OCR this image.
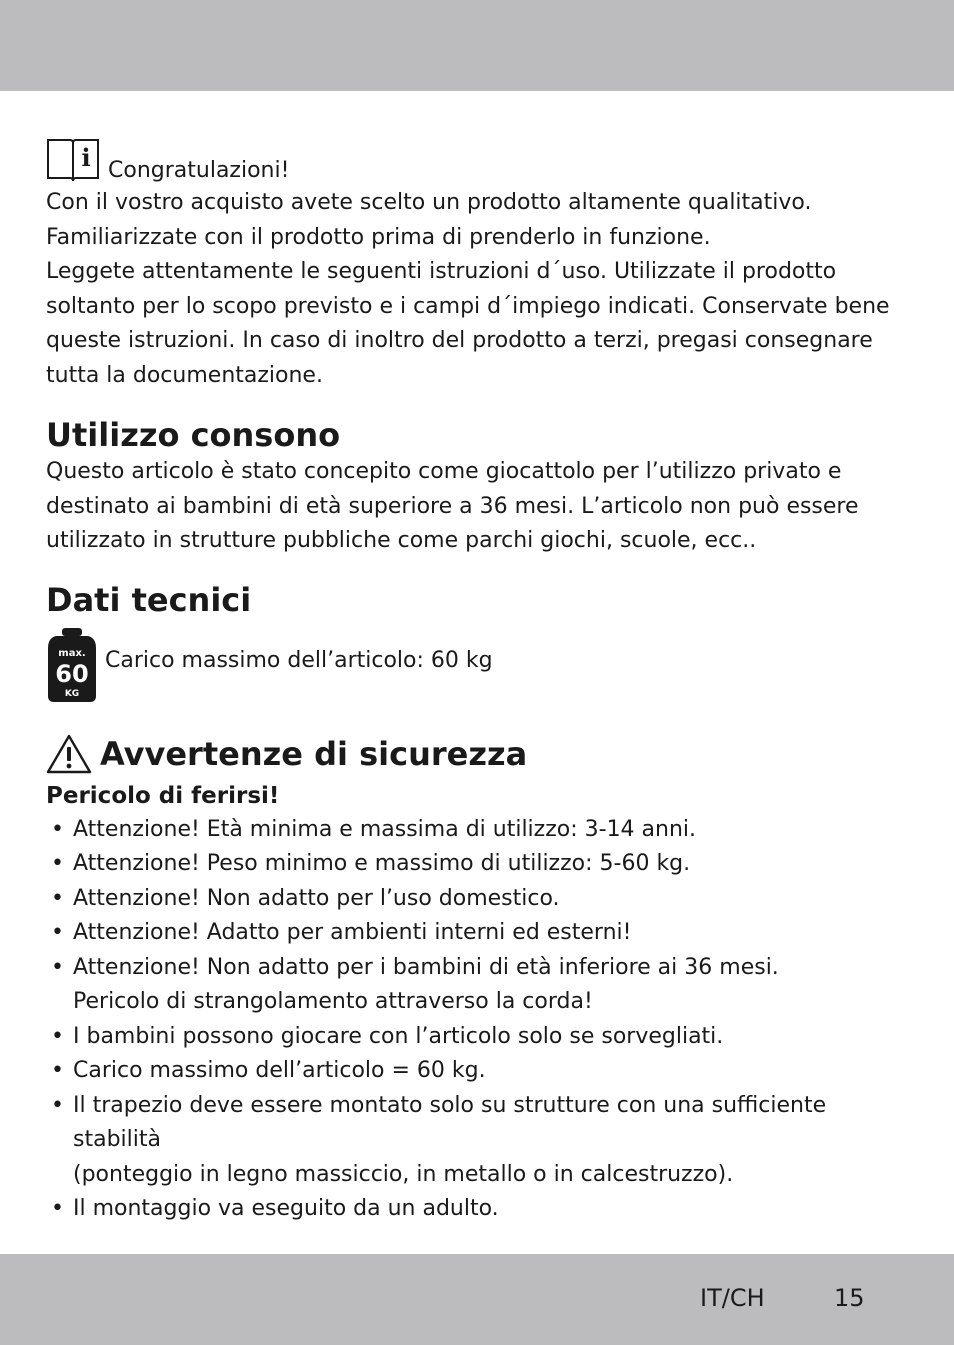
i Congratulazioni!

Con il vostro acquisto avete scelto un prodotto altamente qualitativo.

Familiarizzate con il prodotto prima di prenderlo in funzione.

Leggete attentamente le seguenti istruzioni d´uso. Utilizzate il prodotto

soltanto per lo scopo previsto e i campi d´impiego indicati. Conservate bene

queste istruzioni. In caso di inoltro del prodotto a terzi, pregasi consegnare

tutta la documentazione.

Utilizzo consono

Questo articolo è stato concepito come giocattolo per l’utilizzo privato e

destinato ai bambini di età superiore a 36 mesi. L’articolo non può essere

utilizzato in strutture pubbliche come parchi giochi, scuole, ecc..

Dati tecnici
max.
60
KG
Carico massimo dell’articolo: 60 kg
Avvertenze di sicurezza
Pericolo di ferirsi!
• Attenzione! Età minima e massima di utilizzo: 3-14 anni.
• Attenzione! Peso minimo e massimo di utilizzo: 5-60 kg.
• Attenzione! Non adatto per l’uso domestico.
• Attenzione! Adatto per ambienti interni ed esterni!
• Attenzione! Non adatto per i bambini di età inferiore ai 36 mesi.
Pericolo di strangolamento attraverso la corda!
• I bambini possono giocare con l’articolo solo se sorvegliati.
• Carico massimo dell’articolo = 60 kg.
• Il trapezio deve essere montato solo su strutture con una sufficiente stabilità
(ponteggio in legno massiccio, in metallo o in calcestruzzo).
• Il montaggio va eseguito da un adulto.
IT/CH	15
